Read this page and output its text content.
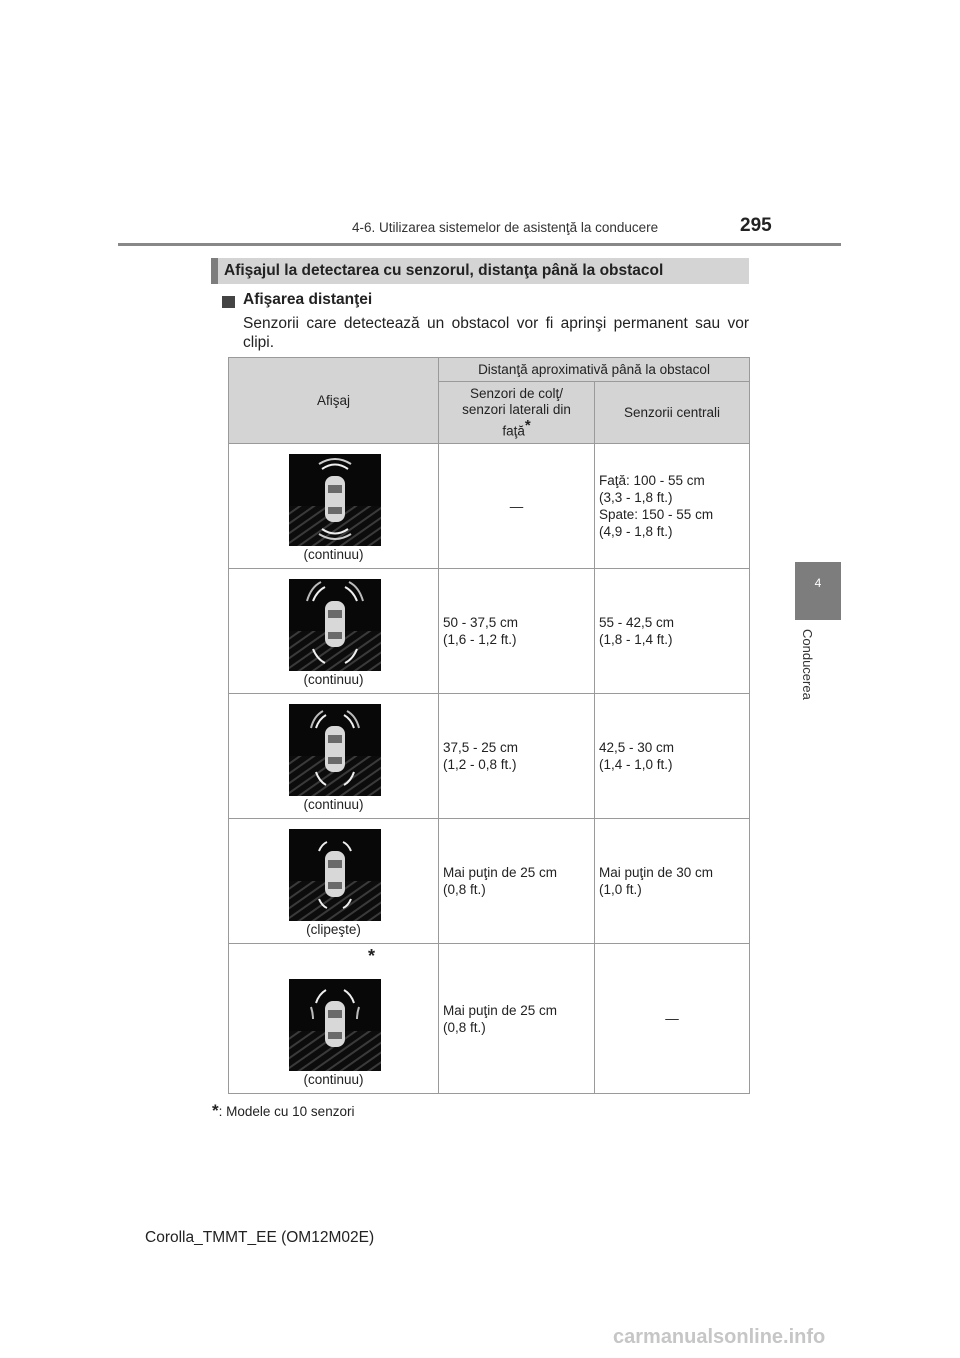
4-6. Utilizarea sistemelor de asistenţă la conducere	295
4
Conducerea
Afişajul la detectarea cu senzorul, distanţa până la obstacol
Afişarea distanţei
Senzorii care detectează un obstacol vor fi aprinşi permanent sau vor clipi.
Afişaj	Distanţă aproximativă până la obstacol	
	Senzori de colţ/
senzori laterali din
faţă*	Senzorii centrali

(continuu)	—	Faţă: 100 - 55 cm
(3,3 - 1,8 ft.)
Spate: 150 - 55 cm
(4,9 - 1,8 ft.)

(continuu)	50 - 37,5 cm
(1,6 - 1,2 ft.)	55 - 42,5 cm
(1,8 - 1,4 ft.)

(continuu)	37,5 - 25 cm
(1,2 - 0,8 ft.)	42,5 - 30 cm
(1,4 - 1,0 ft.)

(clipeşte)	Mai puţin de 25 cm
(0,8 ft.)	Mai puţin de 30 cm
(1,0 ft.)

*
(continuu)	Mai puţin de 25 cm
(0,8 ft.)	—
*: Modele cu 10 senzori
Corolla_TMMT_EE (OM12M02E)
carmanualsonline.info
